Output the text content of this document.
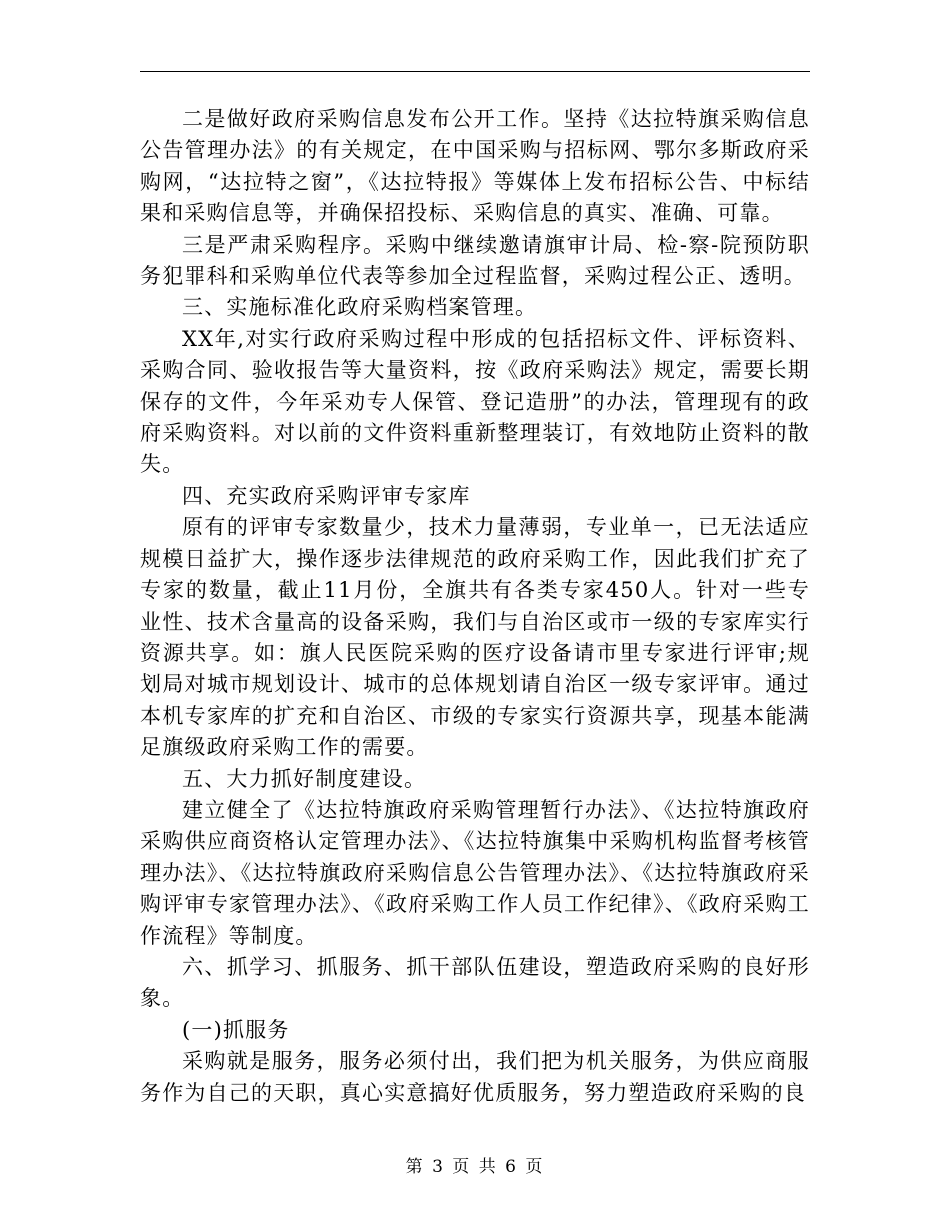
二是做好政府采购信息发布公开工作。坚持《达拉特旗采购信息公告管理办法》的有关规定，在中国采购与招标网、鄂尔多斯政府采购网，“达拉特之窗”，《达拉特报》等媒体上发布招标公告、中标结果和采购信息等，并确保招投标、采购信息的真实、准确、可靠。

三是严肃采购程序。采购中继续邀请旗审计局、检-察-院预防职务犯罪科和采购单位代表等参加全过程监督，采购过程公正、透明。

三、实施标准化政府采购档案管理。

XX年,对实行政府采购过程中形成的包括招标文件、评标资料、采购合同、验收报告等大量资料，按《政府采购法》规定，需要长期保存的文件，今年采劝专人保管、登记造册”的办法，管理现有的政府采购资料。对以前的文件资料重新整理装订，有效地防止资料的散失。

四、充实政府采购评审专家库

原有的评审专家数量少，技术力量薄弱，专业单一，已无法适应规模日益扩大，操作逐步法律规范的政府采购工作，因此我们扩充了专家的数量，截止11月份，全旗共有各类专家450人。针对一些专业性、技术含量高的设备采购，我们与自治区或市一级的专家库实行资源共享。如：旗人民医院采购的医疗设备请市里专家进行评审;规划局对城市规划设计、城市的总体规划请自治区一级专家评审。通过本机专家库的扩充和自治区、市级的专家实行资源共享，现基本能满足旗级政府采购工作的需要。

五、大力抓好制度建设。

建立健全了《达拉特旗政府采购管理暂行办法》、《达拉特旗政府采购供应商资格认定管理办法》、《达拉特旗集中采购机构监督考核管理办法》、《达拉特旗政府采购信息公告管理办法》、《达拉特旗政府采购评审专家管理办法》、《政府采购工作人员工作纪律》、《政府采购工作流程》等制度。

六、抓学习、抓服务、抓干部队伍建设，塑造政府采购的良好形象。

(一)抓服务

采购就是服务，服务必须付出，我们把为机关服务，为供应商服务作为自己的天职，真心实意搞好优质服务，努力塑造政府采购的良

第 3 页 共 6 页
